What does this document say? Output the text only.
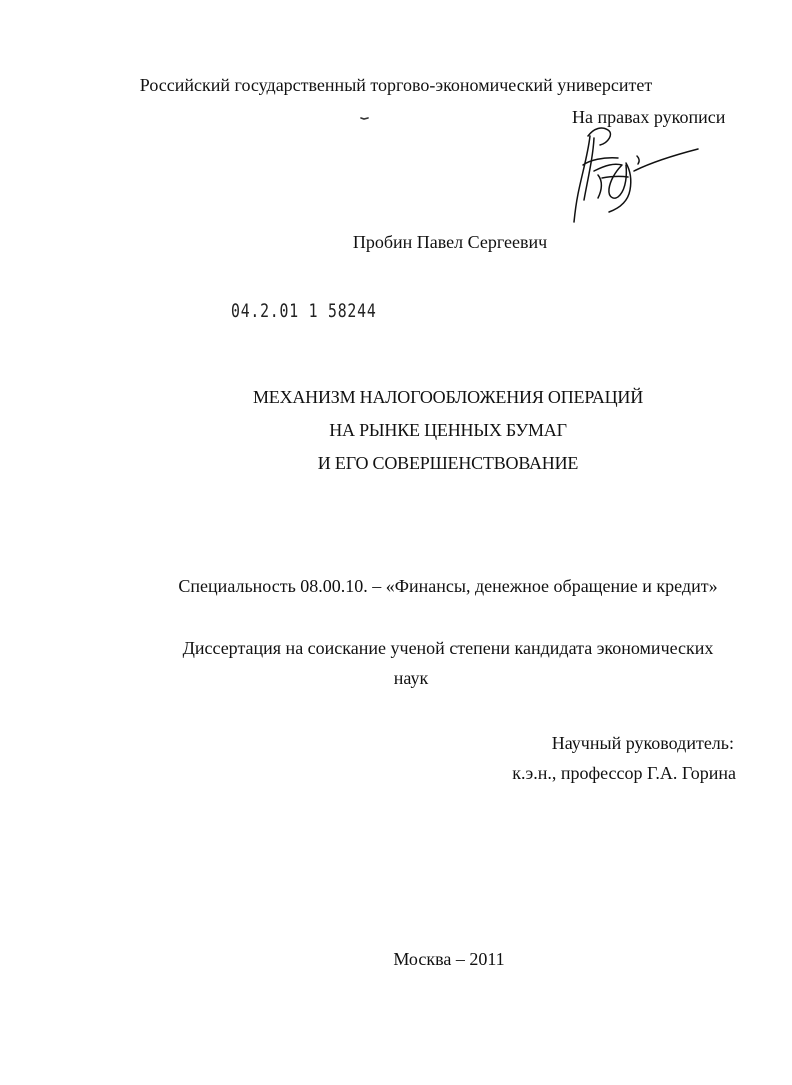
Российский государственный торгово-экономический университет
На правах рукописи
Пробин Павел Сергеевич
04.2.01 1 58244
МЕХАНИЗМ НАЛОГООБЛОЖЕНИЯ ОПЕРАЦИЙ
НА РЫНКЕ ЦЕННЫХ БУМАГ
И ЕГО СОВЕРШЕНСТВОВАНИЕ
Специальность 08.00.10. – «Финансы, денежное обращение и кредит»
Диссертация на соискание ученой степени кандидата экономических
наук
Научный руководитель:
к.э.н., профессор Г.А. Горина
Москва – 2011
